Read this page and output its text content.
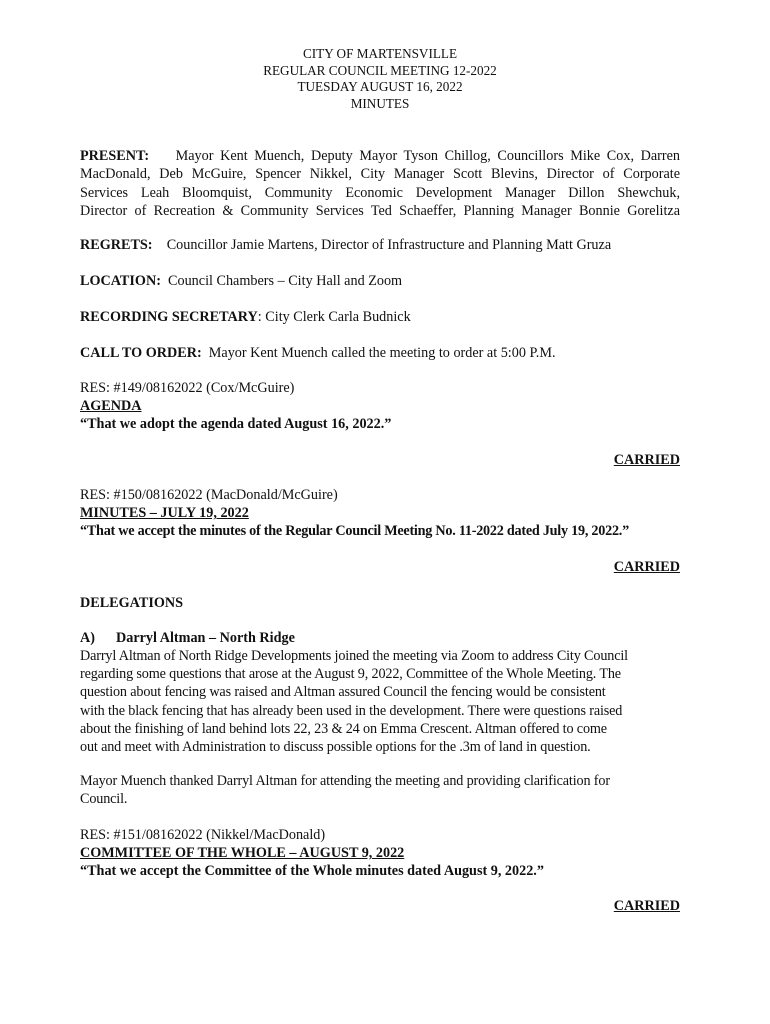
CITY OF MARTENSVILLE
REGULAR COUNCIL MEETING 12-2022
TUESDAY AUGUST 16, 2022
MINUTES
PRESENT: Mayor Kent Muench, Deputy Mayor Tyson Chillog, Councillors Mike Cox, Darren
MacDonald, Deb McGuire, Spencer Nikkel, City Manager Scott Blevins, Director of Corporate
Services Leah Bloomquist, Community Economic Development Manager Dillon Shewchuk,
Director of Recreation & Community Services Ted Schaeffer, Planning Manager Bonnie Gorelitza
REGRETS: Councillor Jamie Martens, Director of Infrastructure and Planning Matt Gruza
LOCATION: Council Chambers – City Hall and Zoom
RECORDING SECRETARY: City Clerk Carla Budnick
CALL TO ORDER: Mayor Kent Muench called the meeting to order at 5:00 P.M.
RES: #149/08162022 (Cox/McGuire)
AGENDA
“That we adopt the agenda dated August 16, 2022.”
CARRIED
RES: #150/08162022 (MacDonald/McGuire)
MINUTES – JULY 19, 2022
“That we accept the minutes of the Regular Council Meeting No. 11-2022 dated July 19, 2022.”
CARRIED
DELEGATIONS
A) Darryl Altman – North Ridge
Darryl Altman of North Ridge Developments joined the meeting via Zoom to address City Council
regarding some questions that arose at the August 9, 2022, Committee of the Whole Meeting. The
question about fencing was raised and Altman assured Council the fencing would be consistent
with the black fencing that has already been used in the development. There were questions raised
about the finishing of land behind lots 22, 23 & 24 on Emma Crescent. Altman offered to come
out and meet with Administration to discuss possible options for the .3m of land in question.
Mayor Muench thanked Darryl Altman for attending the meeting and providing clarification for
Council.
RES: #151/08162022 (Nikkel/MacDonald)
COMMITTEE OF THE WHOLE – AUGUST 9, 2022
“That we accept the Committee of the Whole minutes dated August 9, 2022.”
CARRIED
